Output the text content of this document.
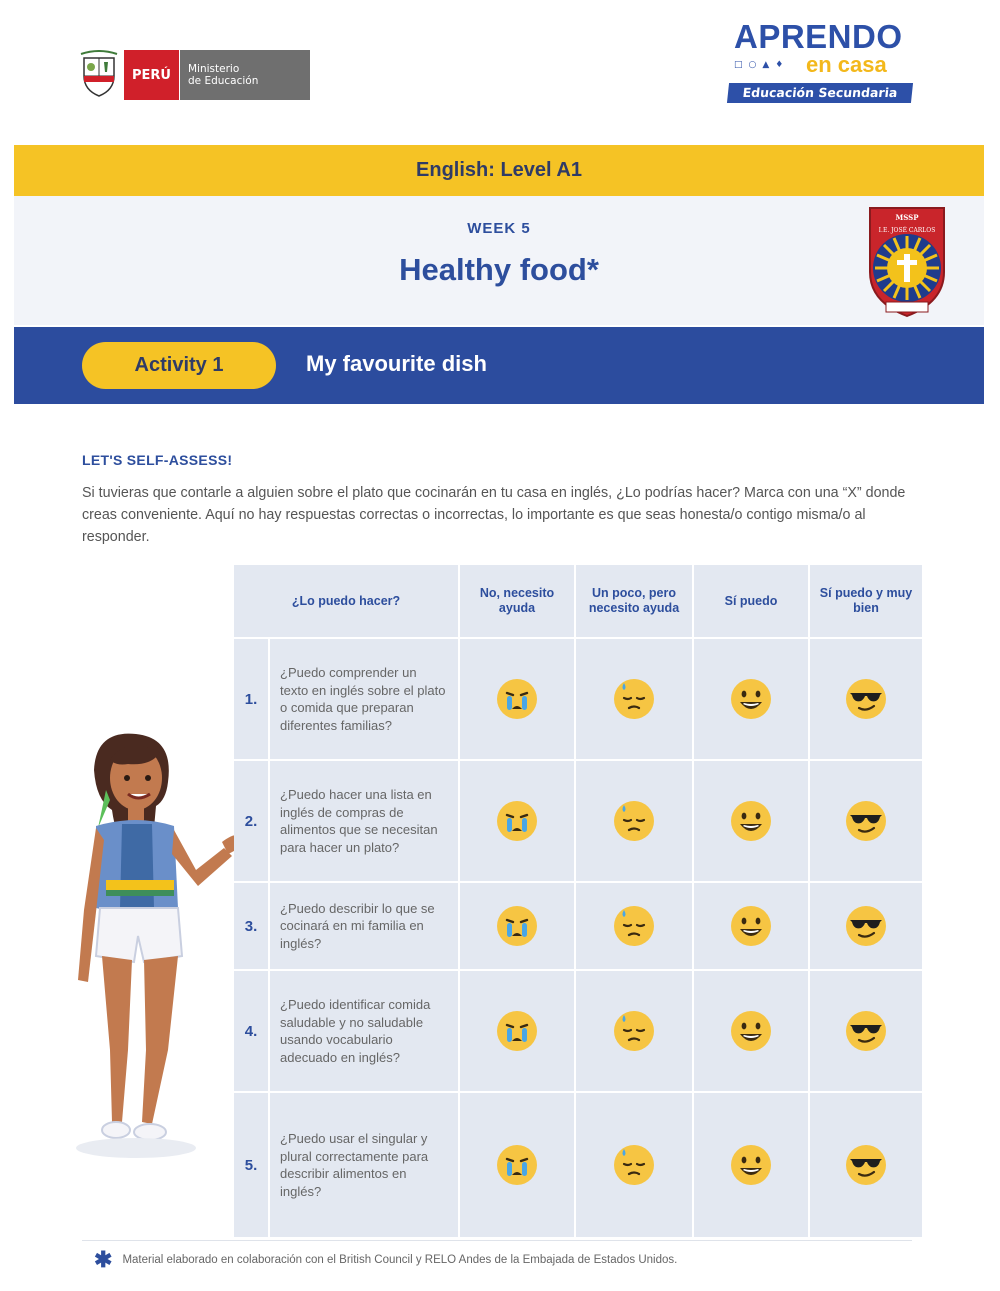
PERÚ	Ministerio
de Educación
APRENDO
□○▲♦ en casa
Educación Secundaria
English: Level A1
WEEK 5
Healthy food*
MSSP
I.E. JOSÉ CARLOS
Activity 1	My favourite dish
LET'S SELF-ASSESS!
Si tuvieras que contarle a alguien sobre el plato que cocinarán en tu casa en inglés, ¿Lo podrías hacer? Marca con una “X” donde creas conveniente. Aquí no hay respuestas correctas o incorrectas, lo importante es que seas honesta/o contigo misma/o al responder.
¿Lo puedo hacer?
No, necesito ayuda
Un poco, pero necesito ayuda
Sí puedo
Sí puedo y muy bien
1.
¿Puedo comprender un texto en inglés sobre el plato o comida que preparan diferentes familias?
2.
¿Puedo hacer una lista en inglés de compras de alimentos que se necesitan para hacer un plato?
3.
¿Puedo describir lo que se cocinará en mi familia en inglés?
4.
¿Puedo identificar comida saludable y no saludable usando vocabulario adecuado en inglés?
5.
¿Puedo usar el singular y plural correctamente para describir alimentos en inglés?
✱ Material elaborado en colaboración con el British Council y RELO Andes de la Embajada de Estados Unidos.
